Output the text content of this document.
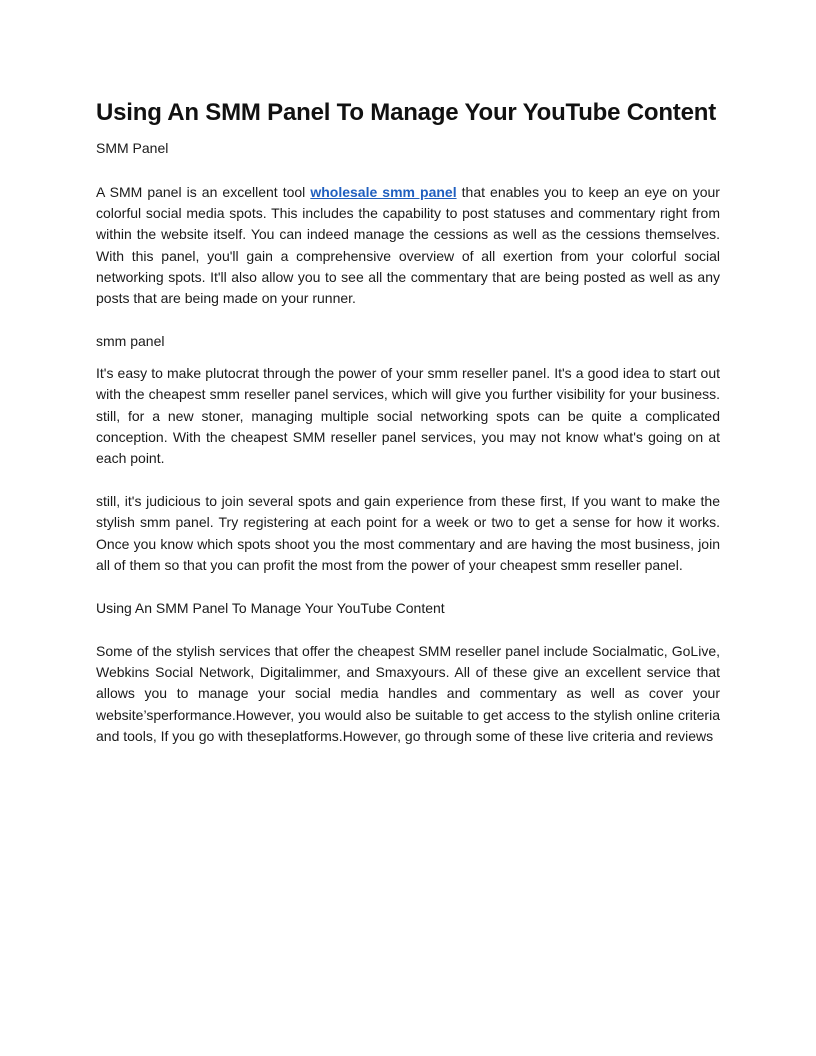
Using An SMM Panel To Manage Your YouTube Content

SMM Panel

A SMM panel is an excellent tool wholesale smm panel that enables you to keep an eye on your colorful social media spots. This includes the capability to post statuses and commentary right from within the website itself. You can indeed manage the cessions as well as the cessions themselves. With this panel, you'll gain a comprehensive overview of all exertion from your colorful social networking spots. It'll also allow you to see all the commentary that are being posted as well as any posts that are being made on your runner.

smm panel

It's easy to make plutocrat through the power of your smm reseller panel. It's a good idea to start out with the cheapest smm reseller panel services, which will give you further visibility for your business. still, for a new stoner, managing multiple social networking spots can be quite a complicated conception. With the cheapest SMM reseller panel services, you may not know what's going on at each point.

still, it's judicious to join several spots and gain experience from these first, If you want to make the stylish smm panel. Try registering at each point for a week or two to get a sense for how it works. Once you know which spots shoot you the most commentary and are having the most business, join all of them so that you can profit the most from the power of your cheapest smm reseller panel.

Using An SMM Panel To Manage Your YouTube Content

Some of the stylish services that offer the cheapest SMM reseller panel include Socialmatic, GoLive, Webkins Social Network, Digitalimmer, and Smaxyours. All of these give an excellent service that allows you to manage your social media handles and commentary as well as cover your website’sperformance.However, you would also be suitable to get access to the stylish online criteria and tools, If you go with theseplatforms.However, go through some of these live criteria and reviews
